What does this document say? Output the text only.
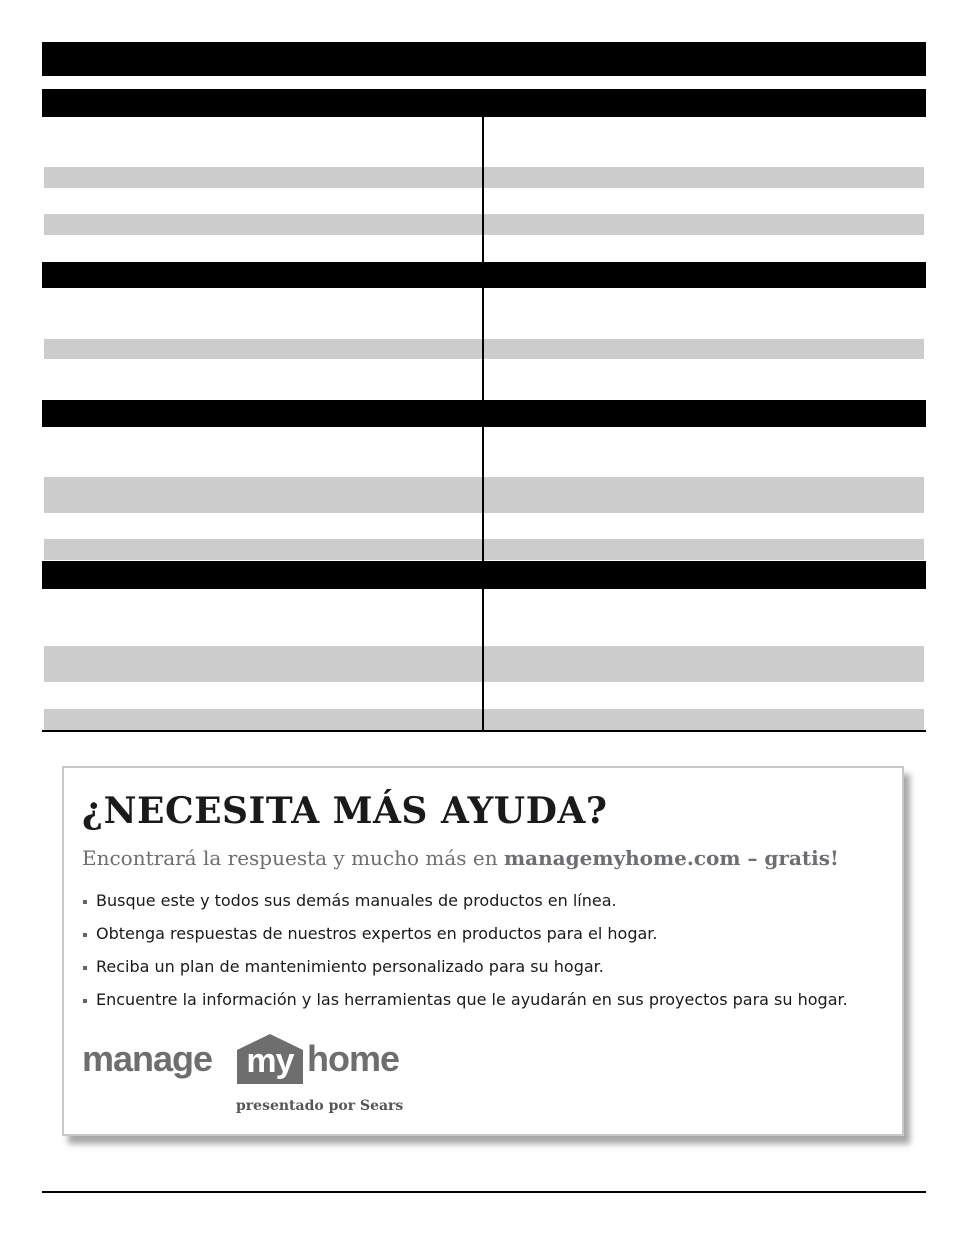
¿NECESITA MÁS AYUDA?

Encontrará la respuesta y mucho más en managemyhome.com – gratis!

Busque este y todos sus demás manuales de productos en línea.
Obtenga respuestas de nuestros expertos en productos para el hogar.
Reciba un plan de mantenimiento personalizado para su hogar.
Encuentre la información y las herramientas que le ayudarán en sus proyectos para su hogar.
manage my home
presentado por Sears
